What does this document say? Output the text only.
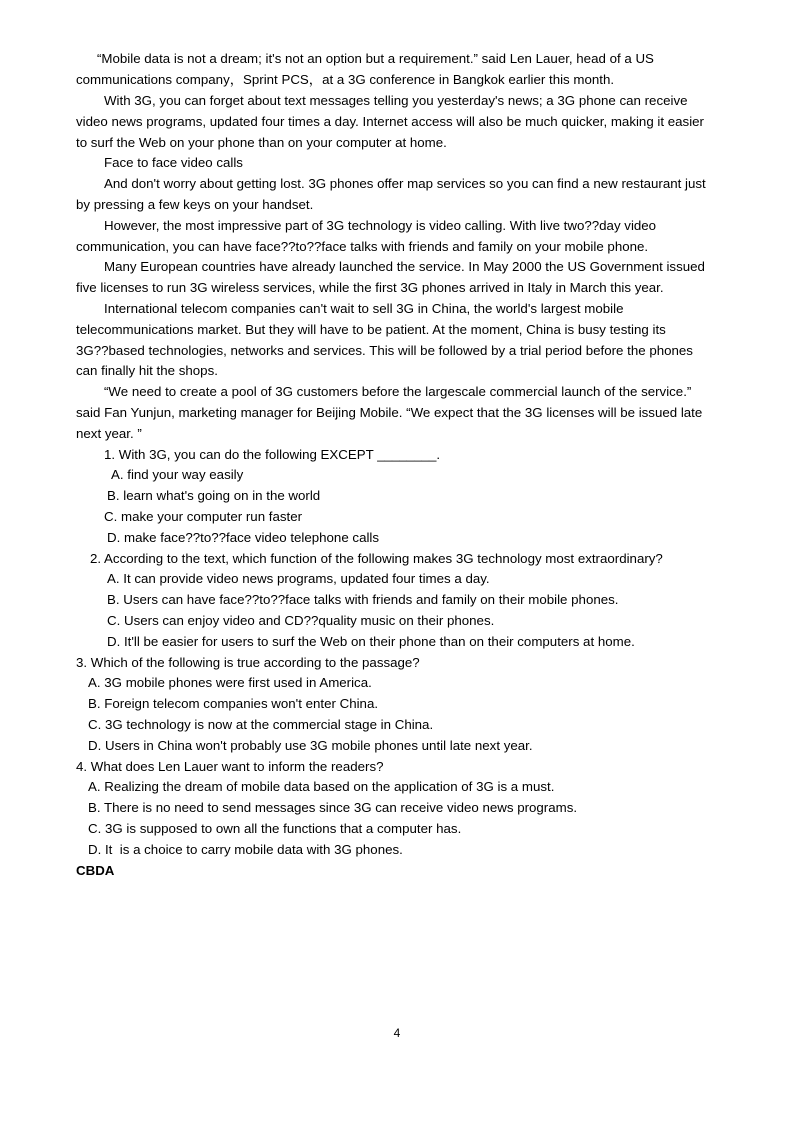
“Mobile data is not a dream; it's not an option but a requirement.” said Len Lauer, head of a US
communications company，Sprint PCS，at a 3G conference in Bangkok earlier this month.
With 3G, you can forget about text messages telling you yesterday's news; a 3G phone can receive
video news programs, updated four times a day. Internet access will also be much quicker, making it easier
to surf the Web on your phone than on your computer at home.
Face to face video calls
And don't worry about getting lost. 3G phones offer map services so you can find a new restaurant just
by pressing a few keys on your handset.
However, the most impressive part of 3G technology is video calling. With live two??day video
communication, you can have face??to??face talks with friends and family on your mobile phone.
Many European countries have already launched the service. In May 2000 the US Government issued
five licenses to run 3G wireless services, while the first 3G phones arrived in Italy in March this year.
International telecom companies can't wait to sell 3G in China, the world's largest mobile
telecommunications market. But they will have to be patient. At the moment, China is busy testing its
3G??based technologies, networks and services. This will be followed by a trial period before the phones
can finally hit the shops.
“We need to create a pool of 3G customers before the largescale commercial launch of the service.”
said Fan Yunjun, marketing manager for Beijing Mobile. “We expect that the 3G licenses will be issued late
next year. ”
1. With 3G, you can do the following EXCEPT ________.
A. find your way easily
B. learn what's going on in the world
C. make your computer run faster
D. make face??to??face video telephone calls
2. According to the text, which function of the following makes 3G technology most extraordinary?
A. It can provide video news programs, updated four times a day.
B. Users can have face??to??face talks with friends and family on their mobile phones.
C. Users can enjoy video and CD??quality music on their phones.
D. It'll be easier for users to surf the Web on their phone than on their computers at home.
3. Which of the following is true according to the passage?
A. 3G mobile phones were first used in America.
B. Foreign telecom companies won't enter China.
C. 3G technology is now at the commercial stage in China.
D. Users in China won't probably use 3G mobile phones until late next year.
4. What does Len Lauer want to inform the readers?
A. Realizing the dream of mobile data based on the application of 3G is a must.
B. There is no need to send messages since 3G can receive video news programs.
C. 3G is supposed to own all the functions that a computer has.
D. It  is a choice to carry mobile data with 3G phones.
CBDA
4
